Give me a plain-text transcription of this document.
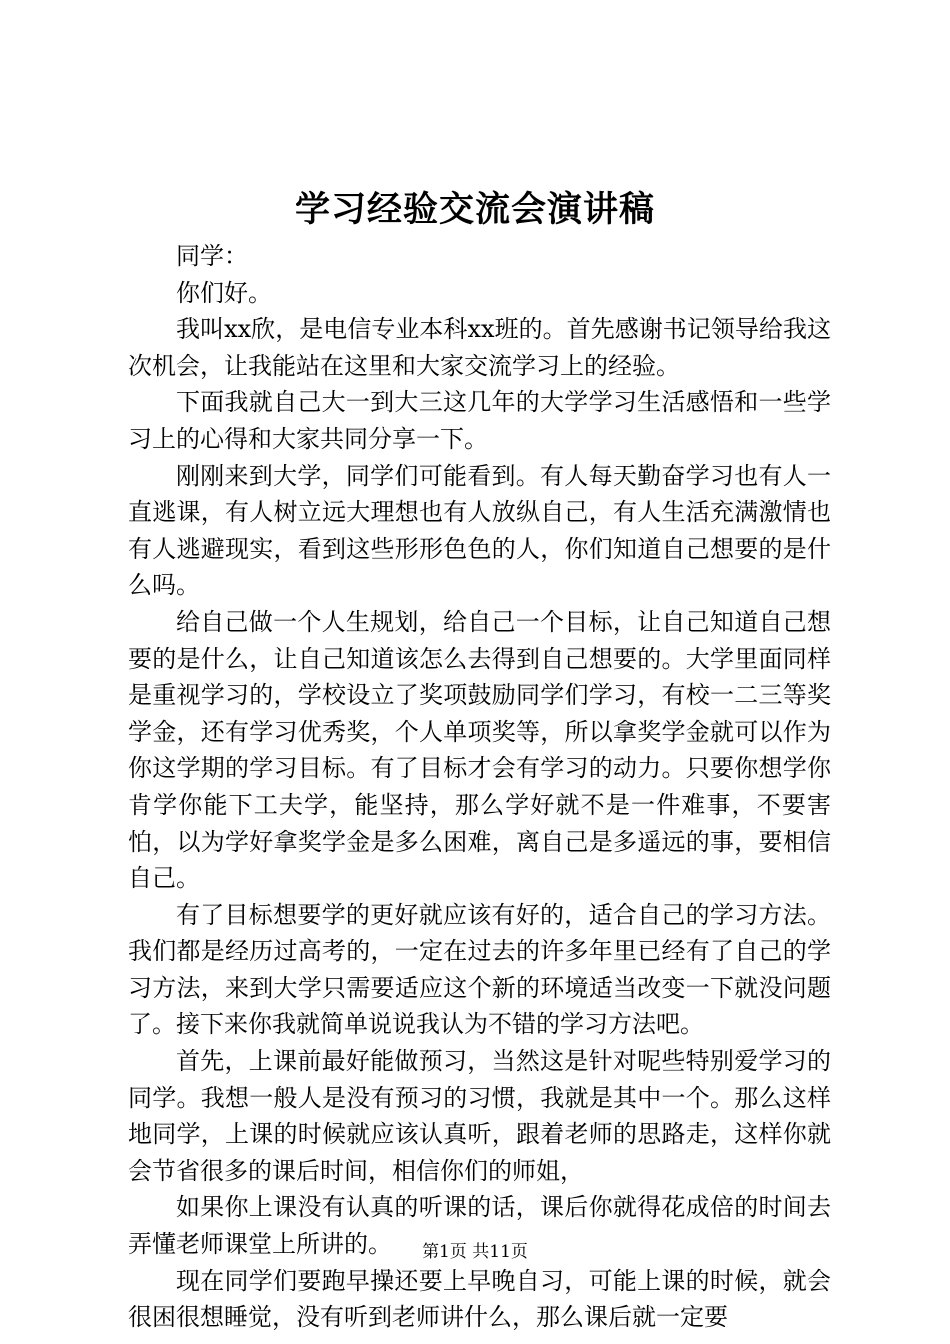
学习经验交流会演讲稿

同学：

你们好。

我叫xx欣，是电信专业本科xx班的。首先感谢书记领导给我这次机会，让我能站在这里和大家交流学习上的经验。

下面我就自己大一到大三这几年的大学学习生活感悟和一些学习上的心得和大家共同分享一下。

刚刚来到大学，同学们可能看到。有人每天勤奋学习也有人一直逃课，有人树立远大理想也有人放纵自己，有人生活充满激情也有人逃避现实，看到这些形形色色的人，你们知道自己想要的是什么吗。

给自己做一个人生规划，给自己一个目标，让自己知道自己想要的是什么，让自己知道该怎么去得到自己想要的。大学里面同样是重视学习的，学校设立了奖项鼓励同学们学习，有校一二三等奖学金，还有学习优秀奖，个人单项奖等，所以拿奖学金就可以作为你这学期的学习目标。有了目标才会有学习的动力。只要你想学你肯学你能下工夫学，能坚持，那么学好就不是一件难事，不要害怕，以为学好拿奖学金是多么困难，离自己是多遥远的事，要相信自己。

有了目标想要学的更好就应该有好的，适合自己的学习方法。我们都是经历过高考的，一定在过去的许多年里已经有了自己的学习方法，来到大学只需要适应这个新的环境适当改变一下就没问题了。接下来你我就简单说说我认为不错的学习方法吧。

首先，上课前最好能做预习，当然这是针对呢些特别爱学习的同学。我想一般人是没有预习的习惯，我就是其中一个。那么这样地同学，上课的时候就应该认真听，跟着老师的思路走，这样你就会节省很多的课后时间，相信你们的师姐，

如果你上课没有认真的听课的话，课后你就得花成倍的时间去弄懂老师课堂上所讲的。

现在同学们要跑早操还要上早晚自习，可能上课的时候，就会很困很想睡觉，没有听到老师讲什么，那么课后就一定要

第1页 共11页
